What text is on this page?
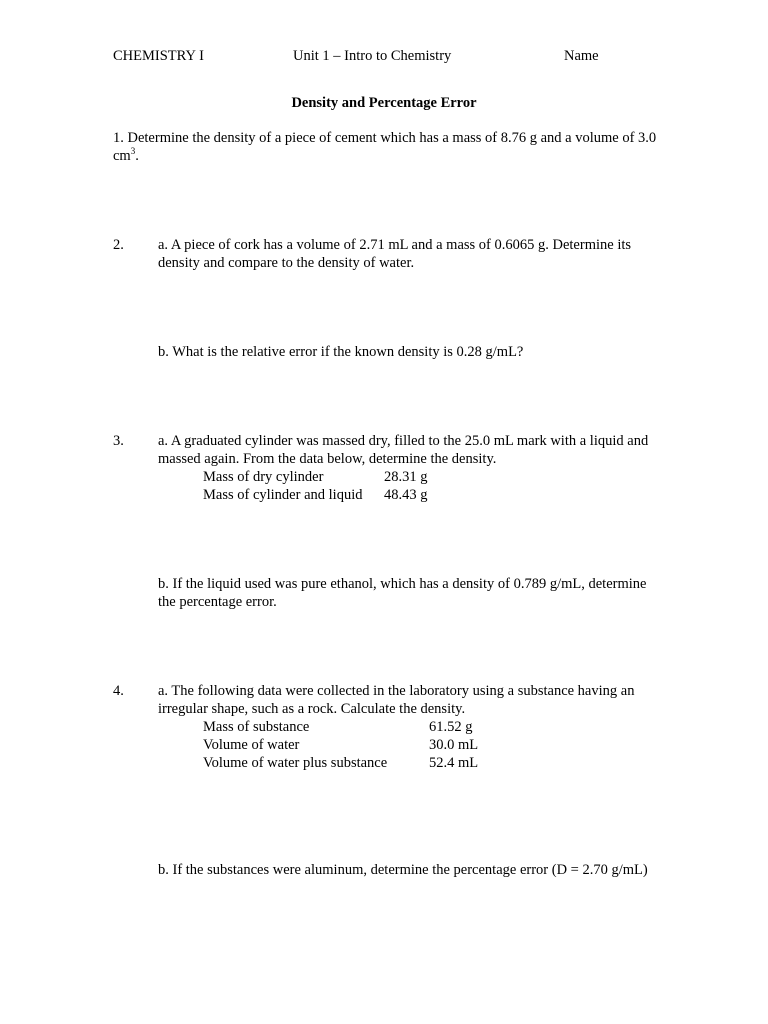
CHEMISTRY I	Unit 1 – Intro to Chemistry	Name
Density and Percentage Error
1. Determine the density of a piece of cement which has a mass of 8.76 g and a volume of 3.0 $cm^3$.
2. a. A piece of cork has a volume of 2.71 mL and a mass of 0.6065 g. Determine its density and compare to the density of water.
b. What is the relative error if the known density is 0.28 g/mL?
3. a. A graduated cylinder was massed dry, filled to the 25.0 mL mark with a liquid and massed again. From the data below, determine the density.
Mass of dry cylinder	28.31 g
Mass of cylinder and liquid 48.43 g
b. If the liquid used was pure ethanol, which has a density of 0.789 g/mL, determine the percentage error.
4. a. The following data were collected in the laboratory using a substance having an irregular shape, such as a rock. Calculate the density.
Mass of substance	61.52 g
Volume of water	30.0 mL
Volume of water plus substance	52.4 mL
b. If the substances were aluminum, determine the percentage error (D = 2.70 g/mL)
